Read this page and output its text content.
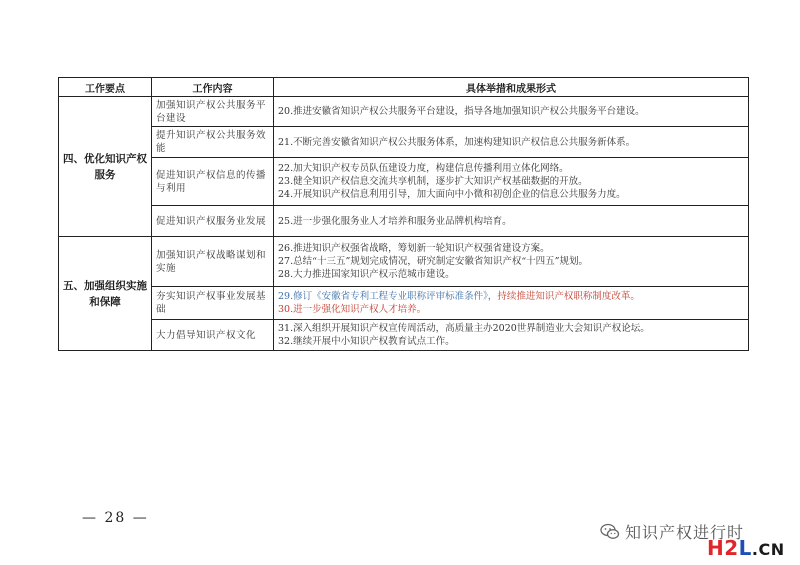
工作要点	工作内容	具体举措和成果形式
四、优化知识产权服务	加强知识产权公共服务平台建设	20.推进安徽省知识产权公共服务平台建设，指导各地加强知识产权公共服务平台建设。

	提升知识产权公共服务效能	21.不断完善安徽省知识产权公共服务体系，加速构建知识产权信息公共服务新体系。

	促进知识产权信息的传播与利用	22.加大知识产权专员队伍建设力度，构建信息传播利用立体化网络。
23.健全知识产权信息交流共享机制，逐步扩大知识产权基础数据的开放。
24.开展知识产权信息利用引导，加大面向中小微和初创企业的信息公共服务力度。

	促进知识产权服务业发展	25.进一步强化服务业人才培养和服务业品牌机构培育。

五、加强组织实施和保障	加强知识产权战略谋划和实施	26.推进知识产权强省战略，筹划新一轮知识产权强省建设方案。
27.总结“十三五”规划完成情况，研究制定安徽省知识产权“十四五”规划。
28.大力推进国家知识产权示范城市建设。

	夯实知识产权事业发展基础	29.修订《安徽省专利工程专业职称评审标准条件》，持续推进知识产权职称制度改革。
30.进一步强化知识产权人才培养。

	大力倡导知识产权文化	31.深入组织开展知识产权宣传周活动，高质量主办2020世界制造业大会知识产权论坛。
32.继续开展中小知识产权教育试点工作。
— 28 —
知识产权进行时
H2L.CN
